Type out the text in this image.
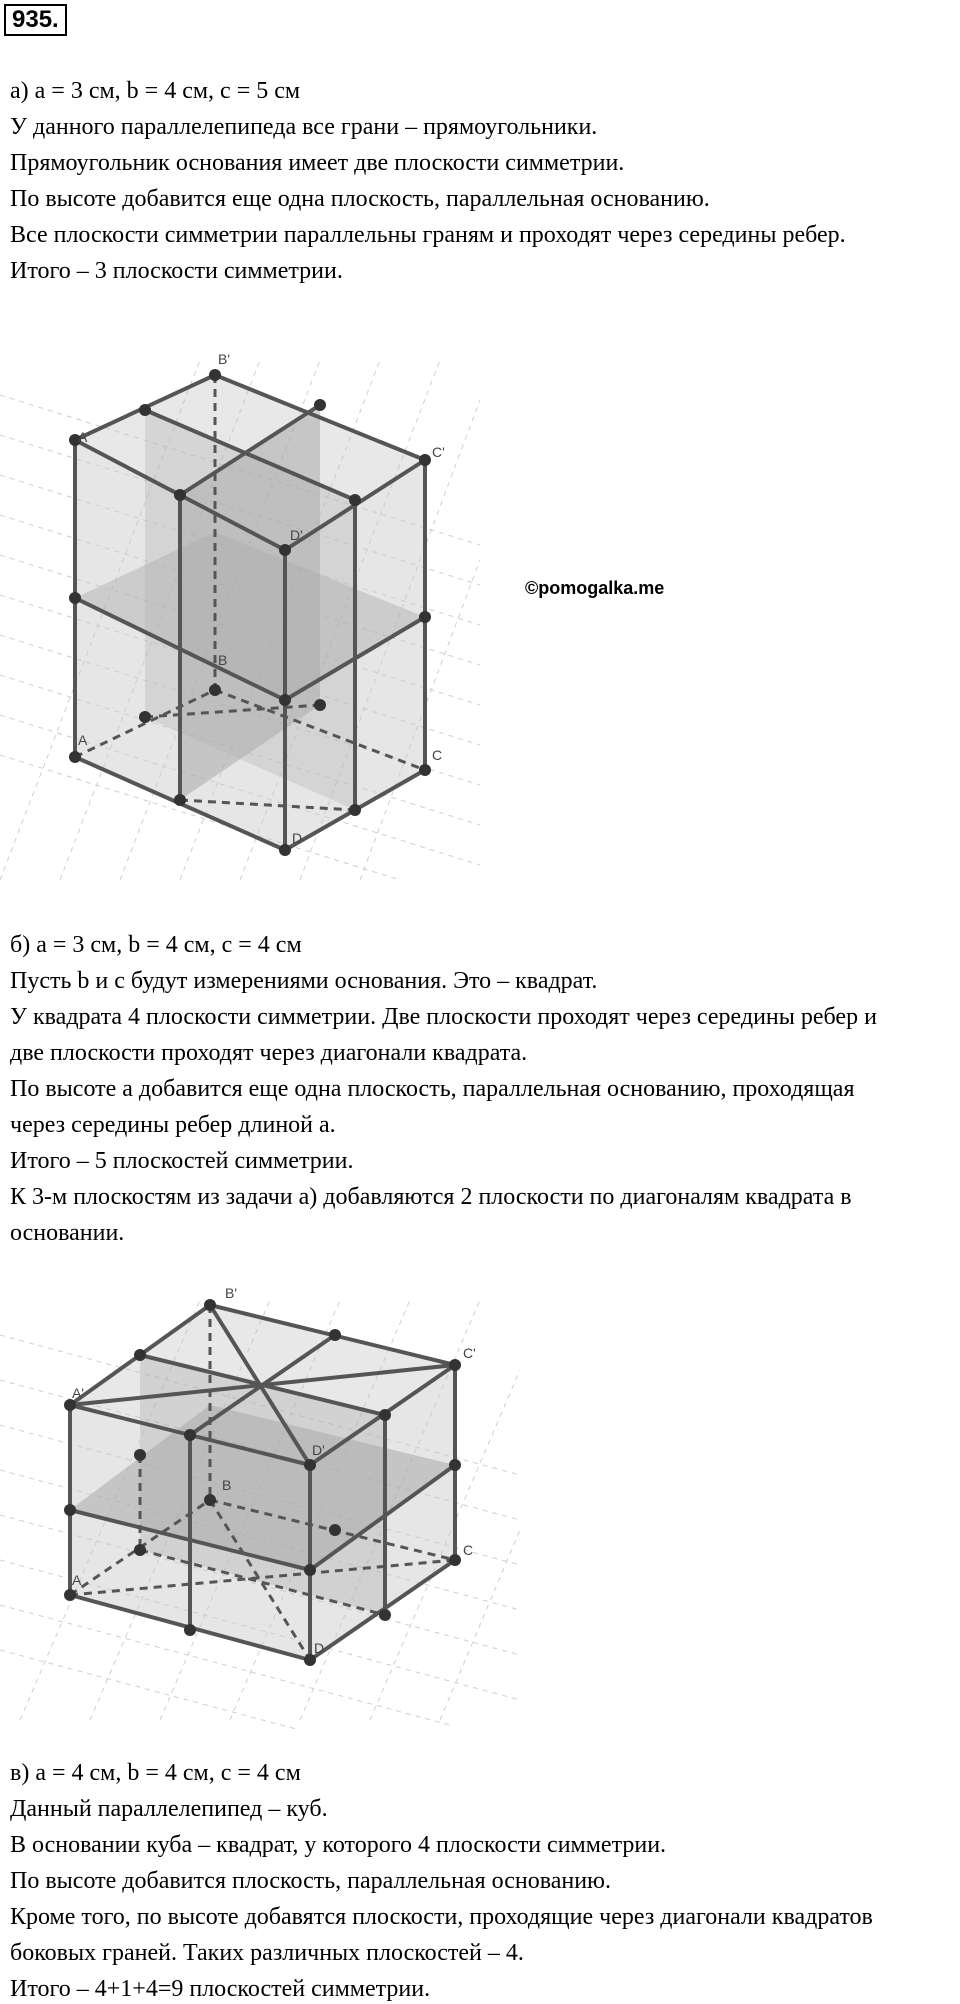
935.
а) a = 3 см, b = 4 см, c = 5 см
У данного параллелепипеда все грани – прямоугольники.
Прямоугольник основания имеет две плоскости симметрии.
По высоте добавится еще одна плоскость, параллельная основанию.
Все плоскости симметрии параллельны граням и проходят через середины ребер.
Итого – 3 плоскости симметрии.
B'
A'
C'
D'
B
A
C
D
©pomogalka.me
б) a = 3 см, b = 4 см, c = 4 см
Пусть b и c будут измерениями основания. Это – квадрат.
У квадрата 4 плоскости симметрии. Две плоскости проходят через середины ребер и
две плоскости проходят через диагонали квадрата.
По высоте a добавится еще одна плоскость, параллельная основанию, проходящая
через середины ребер длиной a.
Итого – 5 плоскостей симметрии.
К 3-м плоскостям из задачи а) добавляются 2 плоскости по диагоналям квадрата в
основании.
B'
A'
C'
D'
B
A
C
D
в) a = 4 см, b = 4 см, c = 4 см
Данный параллелепипед – куб.
В основании куба – квадрат, у которого 4 плоскости симметрии.
По высоте добавится плоскость, параллельная основанию.
Кроме того, по высоте добавятся плоскости, проходящие через диагонали квадратов
боковых граней. Таких различных плоскостей – 4.
Итого – 4+1+4=9 плоскостей симметрии.
